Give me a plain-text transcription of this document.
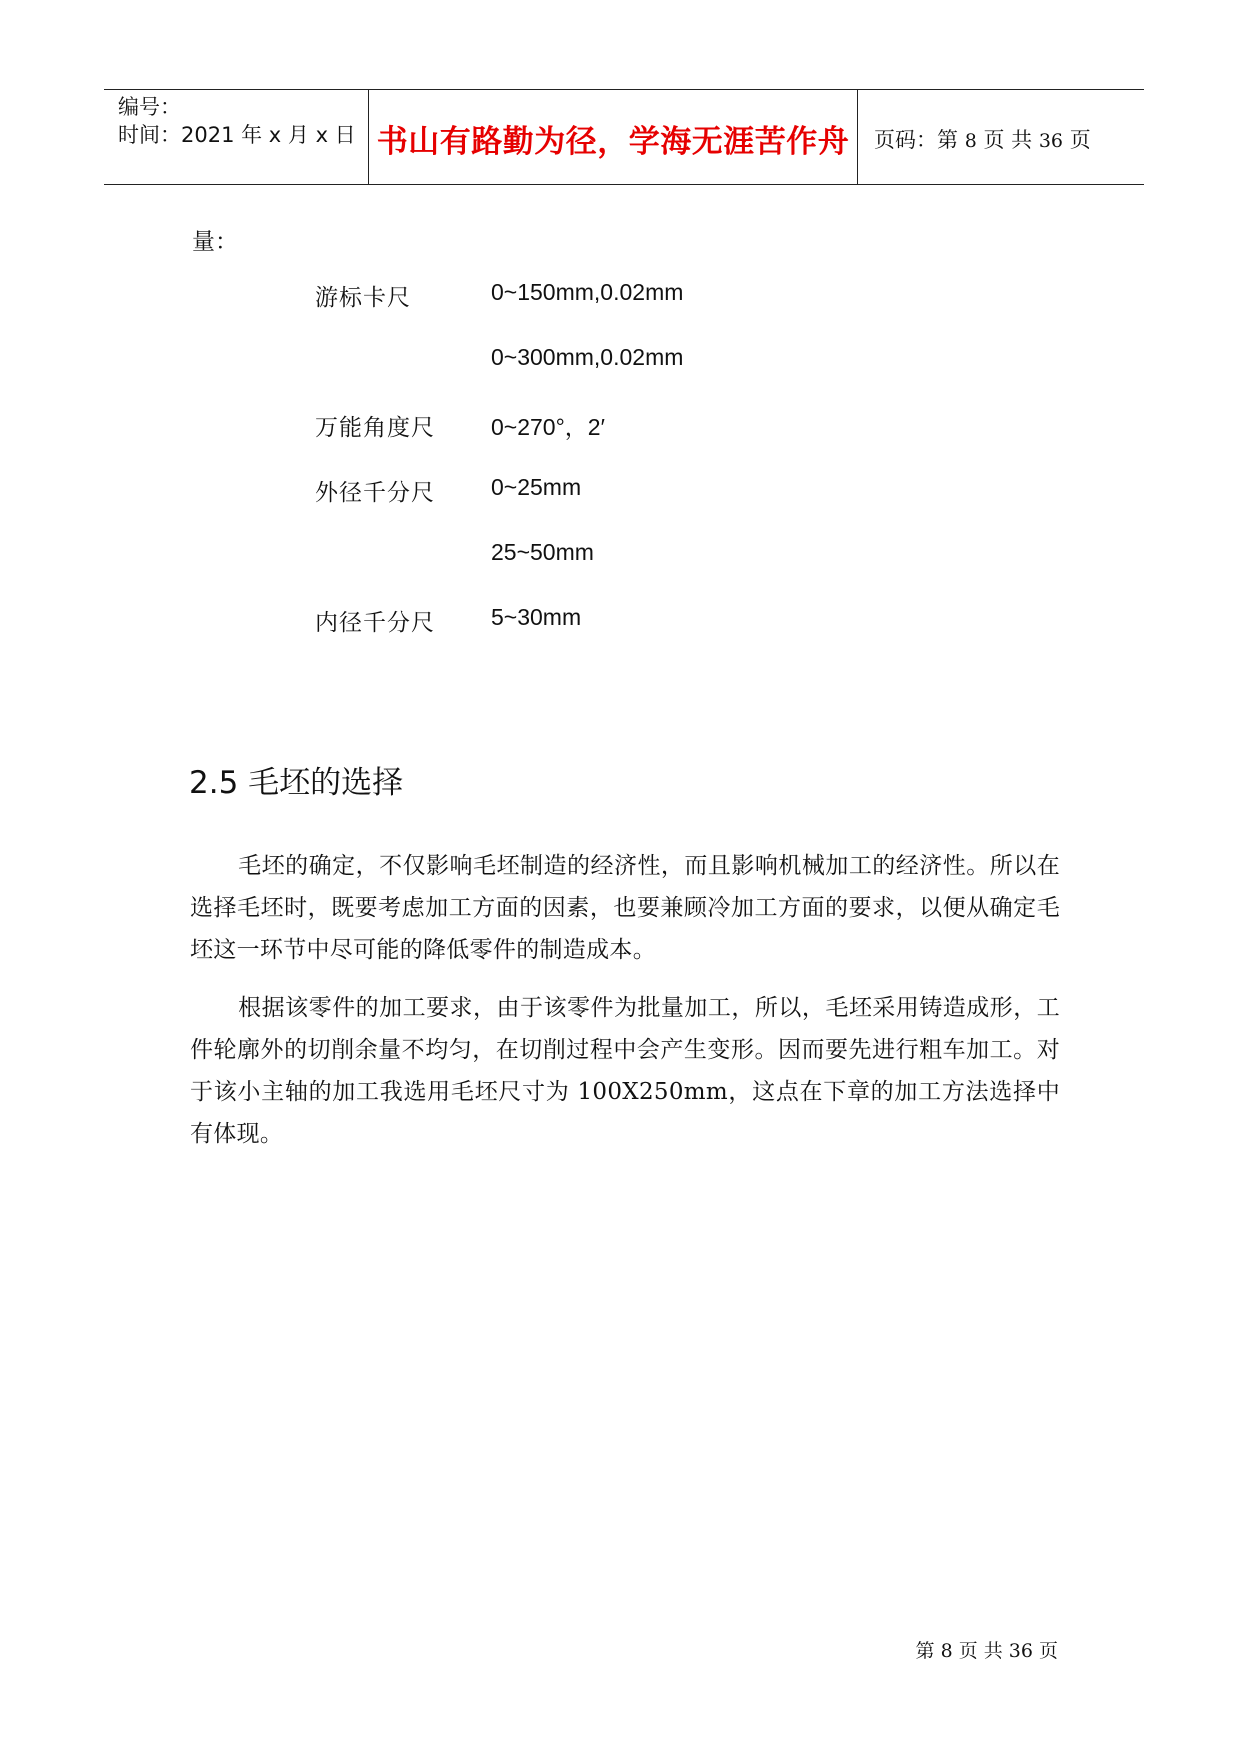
编号：
时间：2021 年 x 月 x 日 书山有路勤为径，学海无涯苦作舟	页码：第 8 页 共 36 页
量：
游标卡尺	0~150mm,0.02mm
0~300mm,0.02mm
万能角度尺 0~270°，2′
外径千分尺 0~25mm
25~50mm
内径千分尺 5~30mm
2.5 毛坯的选择
毛坯的确定，不仅影响毛坯制造的经济性，而且影响机械加工的经济性。所以在选择毛坯时，既要考虑加工方面的因素，也要兼顾冷加工方面的要求，以便从确定毛坯这一环节中尽可能的降低零件的制造成本。
根据该零件的加工要求，由于该零件为批量加工，所以，毛坯采用铸造成形，工件轮廓外的切削余量不均匀，在切削过程中会产生变形。因而要先进行粗车加工。对于该小主轴的加工我选用毛坯尺寸为 100X250mm，这点在下章的加工方法选择中有体现。
第 8 页 共 36 页
